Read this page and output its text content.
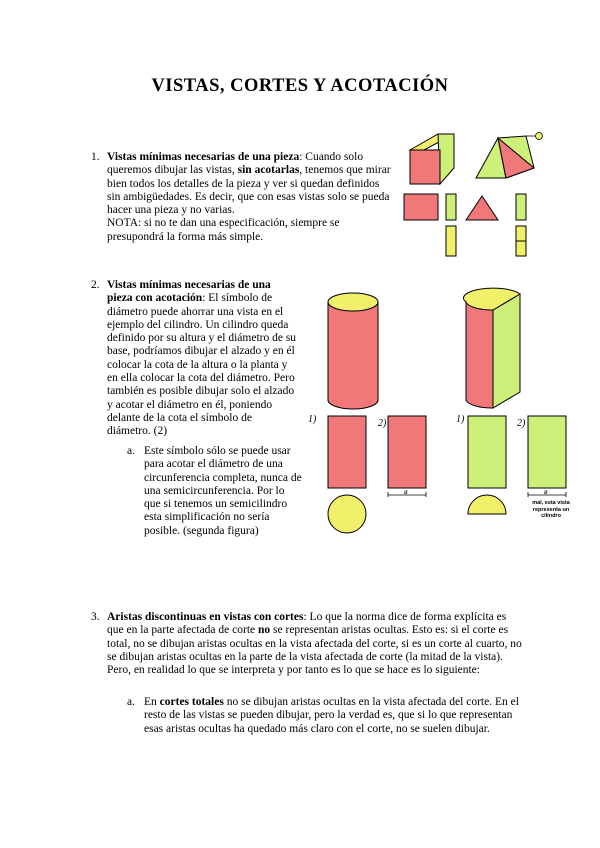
VISTAS, CORTES Y ACOTACIÓN
1. Vistas mínimas necesarias de una pieza: Cuando solo queremos dibujar las vistas, sin acotarlas, tenemos que mirar bien todos los detalles de la pieza y ver si quedan definidos sin ambigüedades. Es decir, que con esas vistas solo se pueda hacer una pieza y no varias.
NOTA: si no te dan una especificación, siempre se presupondrá la forma más simple.
2. Vistas mínimas necesarias de una pieza con acotación: El símbolo de diámetro puede ahorrar una vista en el ejemplo del cilindro. Un cilindro queda definido por su altura y el diámetro de su base, podríamos dibujar el alzado y en él colocar la cota de la altura o la planta y en ella colocar la cota del diámetro. Pero también es posible dibujar solo el alzado y acotar el diámetro en él, poniendo delante de la cota el símbolo de diámetro. (2)
a. Este símbolo sólo se puede usar para acotar el diámetro de una circunferencia completa, nunca de una semicircunferencia. Por lo que si tenemos un semicilindro esta simplificación no sería posible. (segunda figura)
1)	2)	1)	2)
ø	ø
mal, esta vista representa un cilindro
3. Aristas discontinuas en vistas con cortes: Lo que la norma dice de forma explícita es que en la parte afectada de corte no se representan aristas ocultas. Esto es: si el corte es total, no se dibujan aristas ocultas en la vista afectada del corte, si es un corte al cuarto, no se dibujan aristas ocultas en la parte de la vista afectada de corte (la mitad de la vista). Pero, en realidad lo que se interpreta y por tanto es lo que se hace es lo siguiente:
a. En cortes totales no se dibujan aristas ocultas en la vista afectada del corte. En el resto de las vistas se pueden dibujar, pero la verdad es, que si lo que representan esas aristas ocultas ha quedado más claro con el corte, no se suelen dibujar.
